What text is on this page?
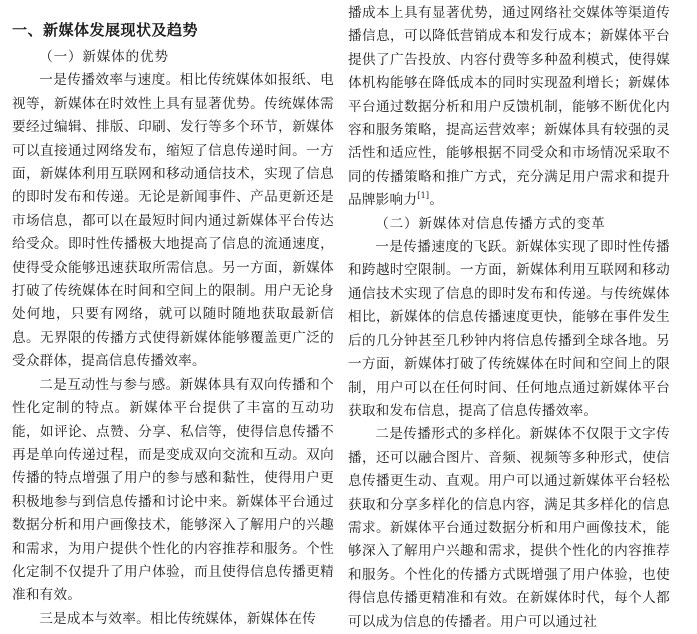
一、新媒体发展现状及趋势
（一）新媒体的优势

一是传播效率与速度。相比传统媒体如报纸、电视等，新媒体在时效性上具有显著优势。传统媒体需要经过编辑、排版、印刷、发行等多个环节，新媒体可以直接通过网络发布，缩短了信息传递时间。一方面，新媒体利用互联网和移动通信技术，实现了信息的即时发布和传递。无论是新闻事件、产品更新还是市场信息，都可以在最短时间内通过新媒体平台传达给受众。即时性传播极大地提高了信息的流通速度，使得受众能够迅速获取所需信息。另一方面，新媒体打破了传统媒体在时间和空间上的限制。用户无论身处何地，只要有网络，就可以随时随地获取最新信息。无界限的传播方式使得新媒体能够覆盖更广泛的受众群体，提高信息传播效率。

二是互动性与参与感。新媒体具有双向传播和个性化定制的特点。新媒体平台提供了丰富的互动功能，如评论、点赞、分享、私信等，使得信息传播不再是单向传递过程，而是变成双向交流和互动。双向传播的特点增强了用户的参与感和黏性，使得用户更积极地参与到信息传播和讨论中来。新媒体平台通过数据分析和用户画像技术，能够深入了解用户的兴趣和需求，为用户提供个性化的内容推荐和服务。个性化定制不仅提升了用户体验，而且使得信息传播更精准和有效。

三是成本与效率。相比传统媒体，新媒体在传

播成本上具有显著优势，通过网络社交媒体等渠道传播信息，可以降低营销成本和发行成本；新媒体平台提供了广告投放、内容付费等多种盈利模式，使得媒体机构能够在降低成本的同时实现盈利增长；新媒体平台通过数据分析和用户反馈机制，能够不断优化内容和服务策略，提高运营效率；新媒体具有较强的灵活性和适应性，能够根据不同受众和市场情况采取不同的传播策略和推广方式，充分满足用户需求和提升品牌影响力[1]。

（二）新媒体对信息传播方式的变革

一是传播速度的飞跃。新媒体实现了即时性传播和跨越时空限制。一方面，新媒体利用互联网和移动通信技术实现了信息的即时发布和传递。与传统媒体相比，新媒体的信息传播速度更快，能够在事件发生后的几分钟甚至几秒钟内将信息传播到全球各地。另一方面，新媒体打破了传统媒体在时间和空间上的限制，用户可以在任何时间、任何地点通过新媒体平台获取和发布信息，提高了信息传播效率。

二是传播形式的多样化。新媒体不仅限于文字传播，还可以融合图片、音频、视频等多种形式，使信息传播更生动、直观。用户可以通过新媒体平台轻松获取和分享多样化的信息内容，满足其多样化的信息需求。新媒体平台通过数据分析和用户画像技术，能够深入了解用户兴趣和需求，提供个性化的内容推荐和服务。个性化的传播方式既增强了用户体验，也使得信息传播更精准和有效。在新媒体时代，每个人都可以成为信息的传播者。用户可以通过社
